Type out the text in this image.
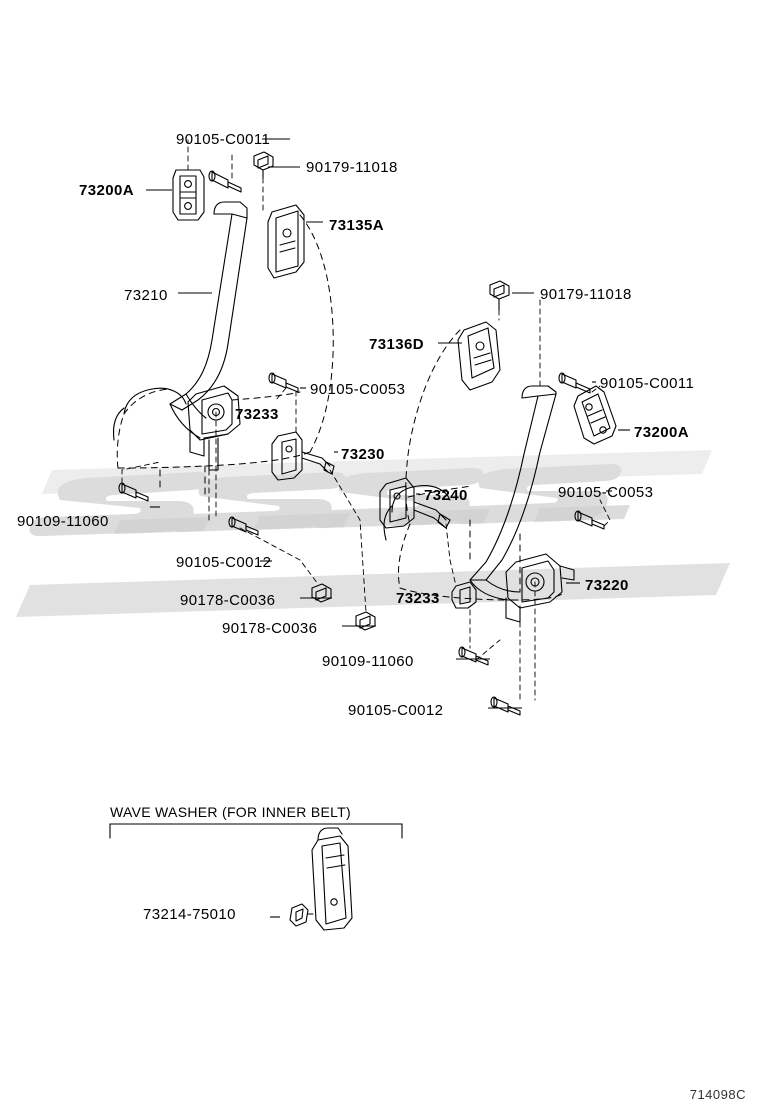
90105-C0011
90179-11018
73200A
73135A
73210	90179-11018
73136D
90105-C0053	90105-C0011
73233
73200A
73230
73240	90105-C0053
90109-11060
90105-C0012
73220
90178-C0036	73233
90178-C0036
90109-11060
90105-C0012
WAVE WASHER (FOR INNER BELT)
73214-75010
714098C
